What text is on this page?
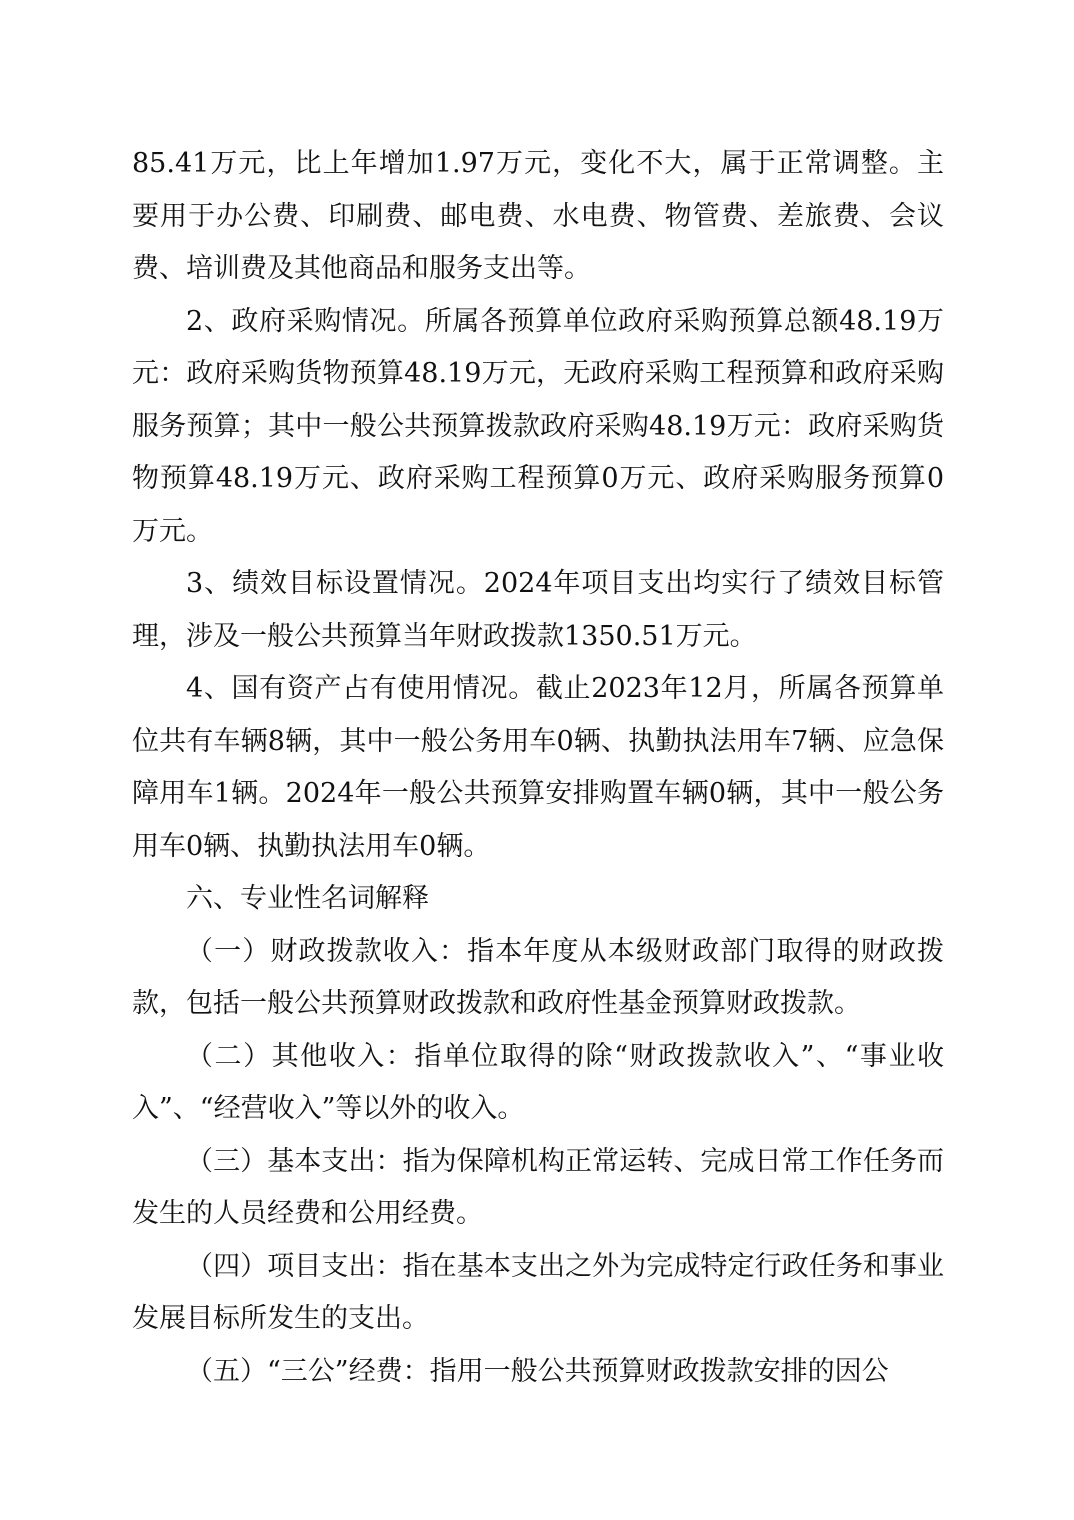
85.41万元，比上年增加1.97万元，变化不大，属于正常调整。主要用于办公费、印刷费、邮电费、水电费、物管费、差旅费、会议费、培训费及其他商品和服务支出等。

2、政府采购情况。所属各预算单位政府采购预算总额48.19万元：政府采购货物预算48.19万元，无政府采购工程预算和政府采购服务预算；其中一般公共预算拨款政府采购48.19万元：政府采购货物预算48.19万元、政府采购工程预算0万元、政府采购服务预算0万元。

3、绩效目标设置情况。2024年项目支出均实行了绩效目标管理，涉及一般公共预算当年财政拨款1350.51万元。

4、国有资产占有使用情况。截止2023年12月，所属各预算单位共有车辆8辆，其中一般公务用车0辆、执勤执法用车7辆、应急保障用车1辆。2024年一般公共预算安排购置车辆0辆，其中一般公务用车0辆、执勤执法用车0辆。

六、专业性名词解释

（一）财政拨款收入：指本年度从本级财政部门取得的财政拨款，包括一般公共预算财政拨款和政府性基金预算财政拨款。

（二）其他收入：指单位取得的除“财政拨款收入”、“事业收入”、“经营收入”等以外的收入。

（三）基本支出：指为保障机构正常运转、完成日常工作任务而发生的人员经费和公用经费。

（四）项目支出：指在基本支出之外为完成特定行政任务和事业发展目标所发生的支出。

（五）“三公”经费：指用一般公共预算财政拨款安排的因公
